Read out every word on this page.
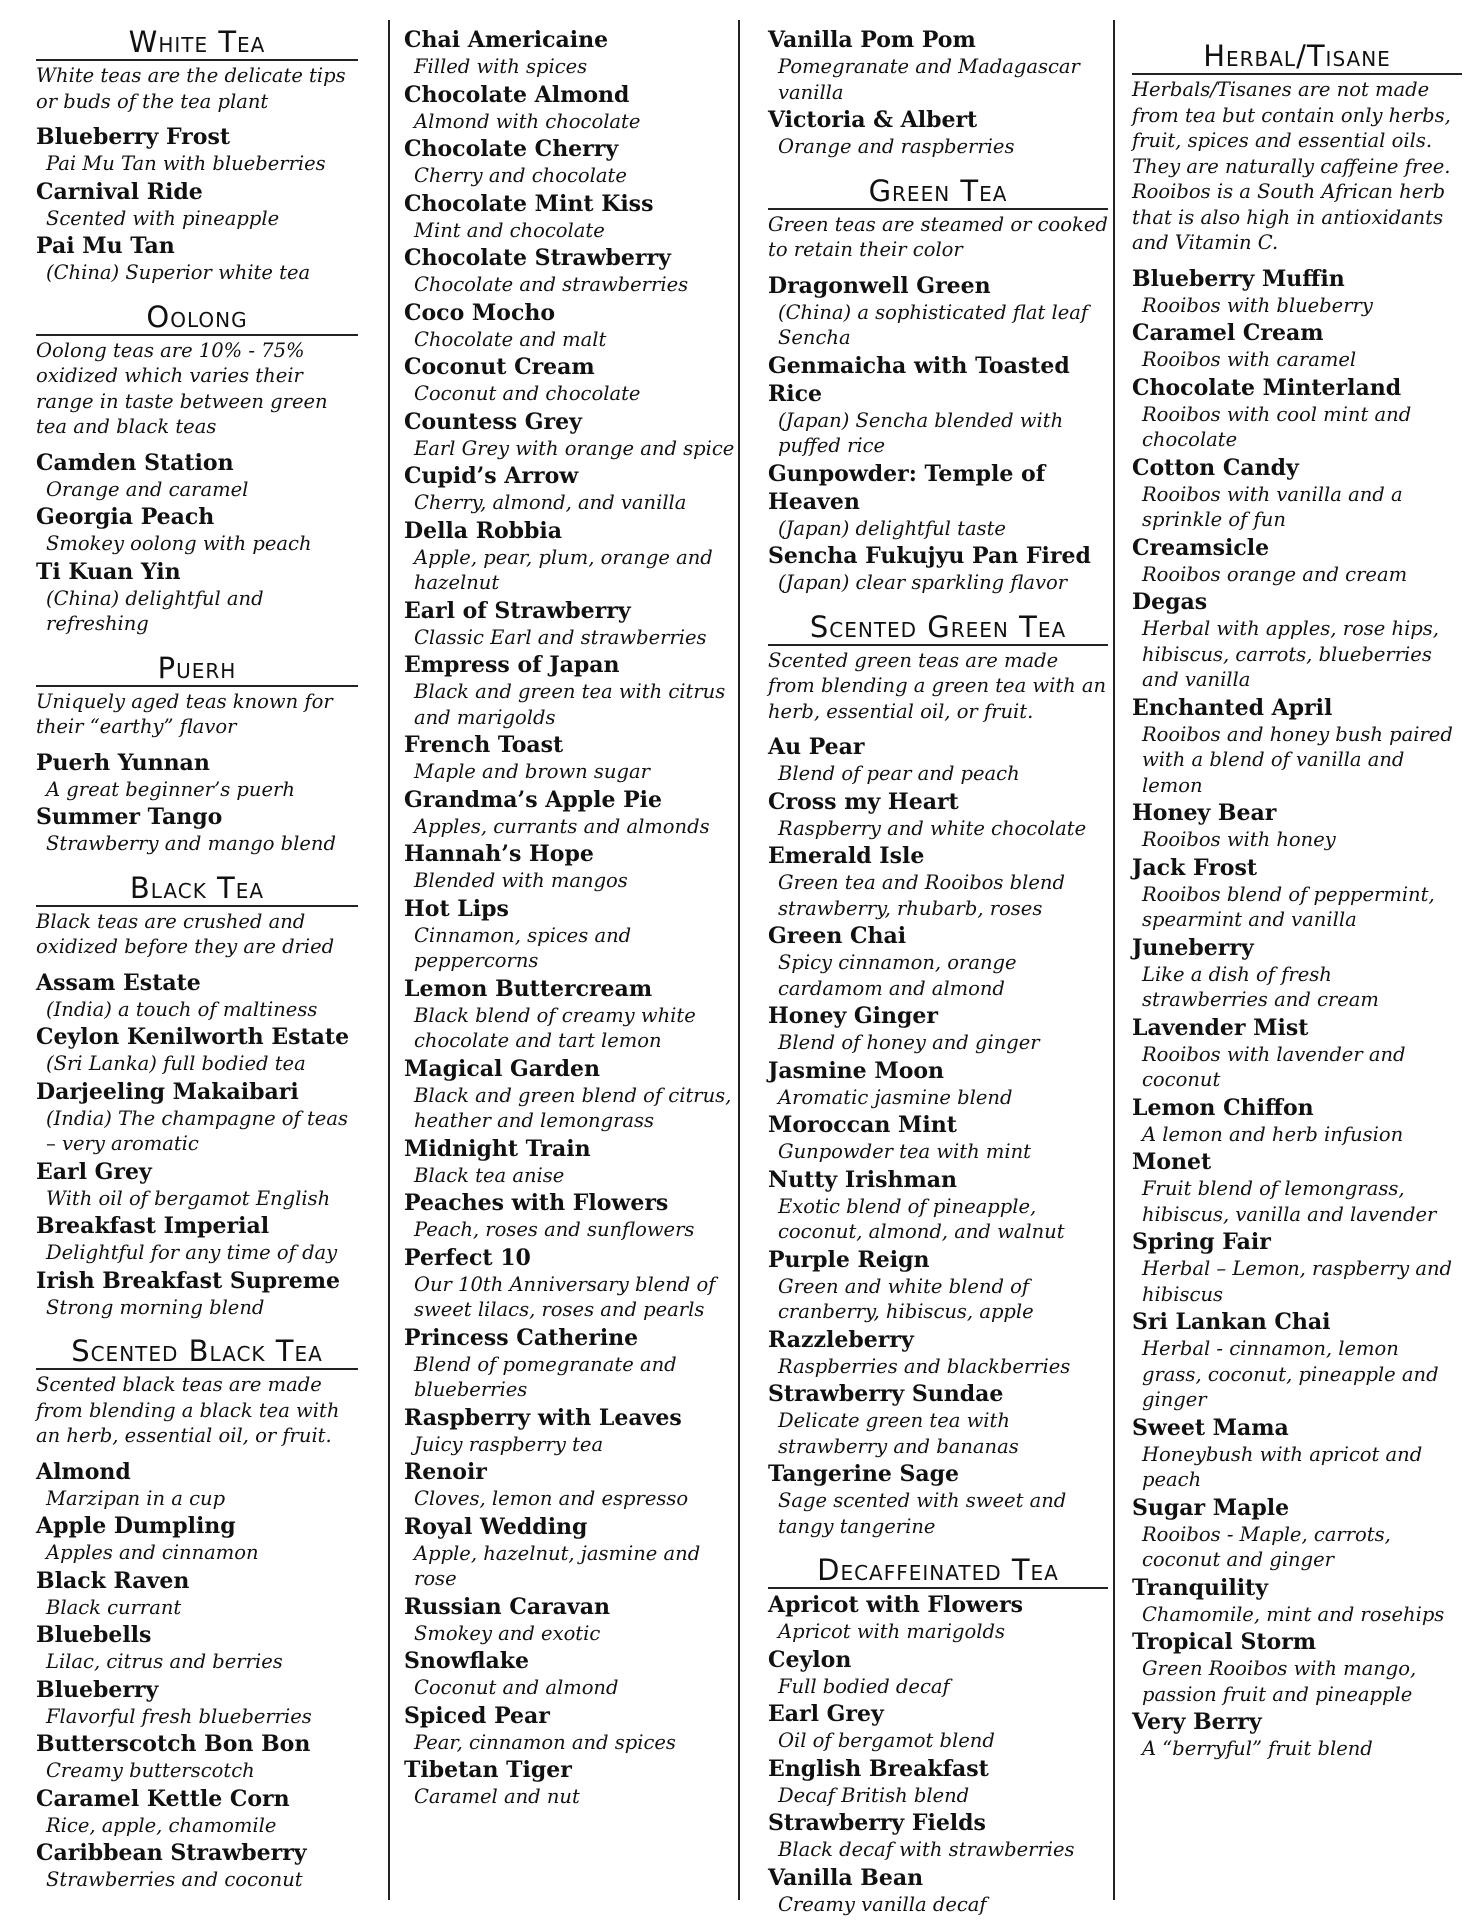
White Tea
White teas are the delicate tips or buds of the tea plant
Blueberry Frost
Pai Mu Tan with blueberries
Carnival Ride
Scented with pineapple
Pai Mu Tan
(China) Superior white tea
Oolong
Oolong teas are 10% - 75% oxidized which varies their range in taste between green tea and black teas
Camden Station
Orange and caramel
Georgia Peach
Smokey oolong with peach
Ti Kuan Yin
(China) delightful and refreshing
Puerh
Uniquely aged teas known for their “earthy” flavor
Puerh Yunnan
A great beginner’s puerh
Summer Tango
Strawberry and mango blend
Black Tea
Black teas are crushed and oxidized before they are dried
Assam Estate
(India) a touch of maltiness
Ceylon Kenilworth Estate
(Sri Lanka) full bodied tea
Darjeeling Makaibari
(India) The champagne of teas – very aromatic
Earl Grey
With oil of bergamot English
Breakfast Imperial
Delightful for any time of day
Irish Breakfast Supreme
Strong morning blend
Scented Black Tea
Scented black teas are made from blending a black tea with an herb, essential oil, or fruit.
Almond
Marzipan in a cup
Apple Dumpling
Apples and cinnamon
Black Raven
Black currant
Bluebells
Lilac, citrus and berries
Blueberry
Flavorful fresh blueberries
Butterscotch Bon Bon
Creamy butterscotch
Caramel Kettle Corn
Rice, apple, chamomile
Caribbean Strawberry
Strawberries and coconut
Chai Americaine
Filled with spices
Chocolate Almond
Almond with chocolate
Chocolate Cherry
Cherry and chocolate
Chocolate Mint Kiss
Mint and chocolate
Chocolate Strawberry
Chocolate and strawberries
Coco Mocho
Chocolate and malt
Coconut Cream
Coconut and chocolate
Countess Grey
Earl Grey with orange and spice
Cupid’s Arrow
Cherry, almond, and vanilla
Della Robbia
Apple, pear, plum, orange and hazelnut
Earl of Strawberry
Classic Earl and strawberries
Empress of Japan
Black and green tea with citrus and marigolds
French Toast
Maple and brown sugar
Grandma’s Apple Pie
Apples, currants and almonds
Hannah’s Hope
Blended with mangos
Hot Lips
Cinnamon, spices and peppercorns
Lemon Buttercream
Black blend of creamy white chocolate and tart lemon
Magical Garden
Black and green blend of citrus, heather and lemongrass
Midnight Train
Black tea anise
Peaches with Flowers
Peach, roses and sunflowers
Perfect 10
Our 10th Anniversary blend of sweet lilacs, roses and pearls
Princess Catherine
Blend of pomegranate and blueberries
Raspberry with Leaves
Juicy raspberry tea
Renoir
Cloves, lemon and espresso
Royal Wedding
Apple, hazelnut, jasmine and rose
Russian Caravan
Smokey and exotic
Snowflake
Coconut and almond
Spiced Pear
Pear, cinnamon and spices
Tibetan Tiger
Caramel and nut
Vanilla Pom Pom
Pomegranate and Madagascar vanilla
Victoria & Albert
Orange and raspberries
Green Tea
Green teas are steamed or cooked to retain their color
Dragonwell Green
(China) a sophisticated flat leaf Sencha
Genmaicha with Toasted Rice
(Japan) Sencha blended with puffed rice
Gunpowder: Temple of Heaven
(Japan) delightful taste
Sencha Fukujyu Pan Fired
(Japan) clear sparkling flavor
Scented Green Tea
Scented green teas are made from blending a green tea with an herb, essential oil, or fruit.
Au Pear
Blend of pear and peach
Cross my Heart
Raspberry and white chocolate
Emerald Isle
Green tea and Rooibos blend strawberry, rhubarb, roses
Green Chai
Spicy cinnamon, orange cardamom and almond
Honey Ginger
Blend of honey and ginger
Jasmine Moon
Aromatic jasmine blend
Moroccan Mint
Gunpowder tea with mint
Nutty Irishman
Exotic blend of pineapple, coconut, almond, and walnut
Purple Reign
Green and white blend of cranberry, hibiscus, apple
Razzleberry
Raspberries and blackberries
Strawberry Sundae
Delicate green tea with strawberry and bananas
Tangerine Sage
Sage scented with sweet and tangy tangerine
Decaffeinated Tea
Apricot with Flowers
Apricot with marigolds
Ceylon
Full bodied decaf
Earl Grey
Oil of bergamot blend
English Breakfast
Decaf British blend
Strawberry Fields
Black decaf with strawberries
Vanilla Bean
Creamy vanilla decaf
Herbal/Tisane
Herbals/Tisanes are not made from tea but contain only herbs, fruit, spices and essential oils. They are naturally caffeine free. Rooibos is a South African herb that is also high in antioxidants and Vitamin C.
Blueberry Muffin
Rooibos with blueberry
Caramel Cream
Rooibos with caramel
Chocolate Minterland
Rooibos with cool mint and chocolate
Cotton Candy
Rooibos with vanilla and a sprinkle of fun
Creamsicle
Rooibos orange and cream
Degas
Herbal with apples, rose hips, hibiscus, carrots, blueberries and vanilla
Enchanted April
Rooibos and honey bush paired with a blend of vanilla and lemon
Honey Bear
Rooibos with honey
Jack Frost
Rooibos blend of peppermint, spearmint and vanilla
Juneberry
Like a dish of fresh strawberries and cream
Lavender Mist
Rooibos with lavender and coconut
Lemon Chiffon
A lemon and herb infusion
Monet
Fruit blend of lemongrass, hibiscus, vanilla and lavender
Spring Fair
Herbal – Lemon, raspberry and hibiscus
Sri Lankan Chai
Herbal - cinnamon, lemon grass, coconut, pineapple and ginger
Sweet Mama
Honeybush with apricot and peach
Sugar Maple
Rooibos - Maple, carrots, coconut and ginger
Tranquility
Chamomile, mint and rosehips
Tropical Storm
Green Rooibos with mango, passion fruit and pineapple
Very Berry
A “berryful” fruit blend
